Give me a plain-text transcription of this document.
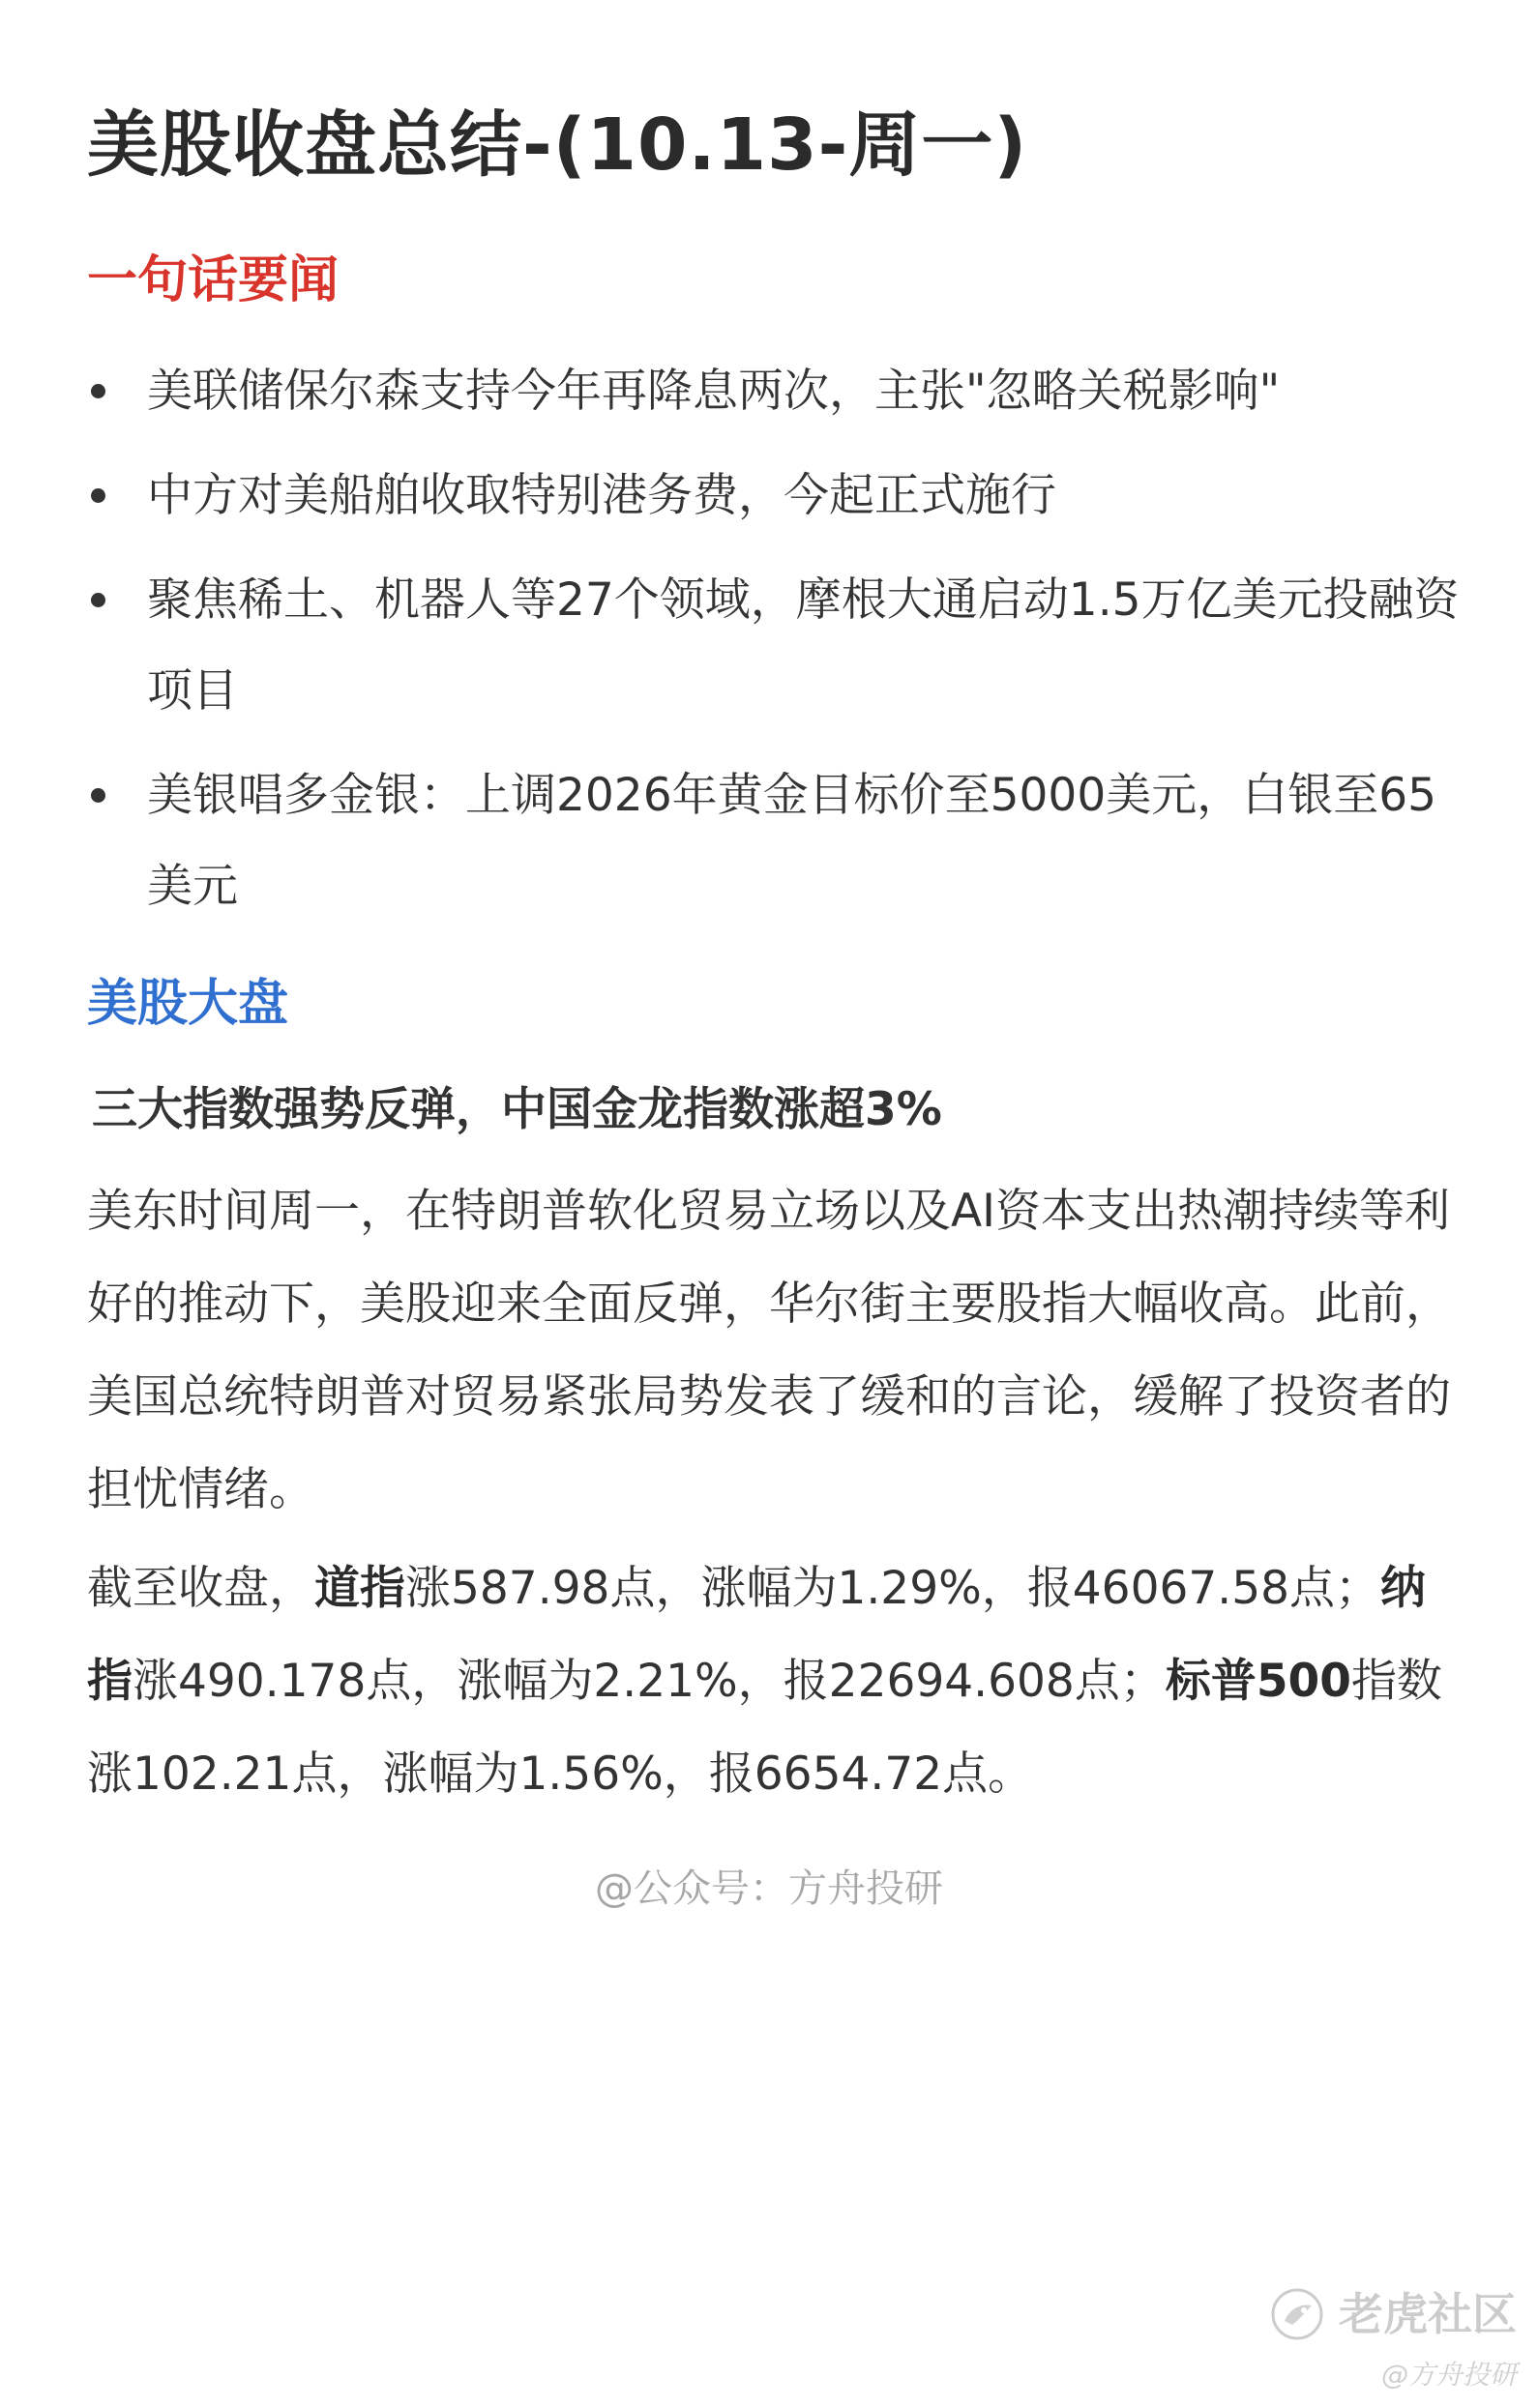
美股收盘总结-(10.13-周一)
一句话要闻
美联储保尔森支持今年再降息两次，主张"忽略关税影响"
中方对美船舶收取特别港务费，今起正式施行
聚焦稀土、机器人等27个领域，摩根大通启动1.5万亿美元投融资项目
美银唱多金银：上调2026年黄金目标价至5000美元，白银至65美元
美股大盘
三大指数强势反弹，中国金龙指数涨超3%

美东时间周一，在特朗普软化贸易立场以及AI资本支出热潮持续等利好的推动下，美股迎来全面反弹，华尔街主要股指大幅收高。此前，美国总统特朗普对贸易紧张局势发表了缓和的言论，缓解了投资者的担忧情绪。

截至收盘，道指涨587.98点，涨幅为1.29%，报46067.58点；纳指涨490.178点，涨幅为2.21%，报22694.608点；标普500指数涨102.21点，涨幅为1.56%，报6654.72点。

@公众号：方舟投研
老虎社区
@方舟投研
